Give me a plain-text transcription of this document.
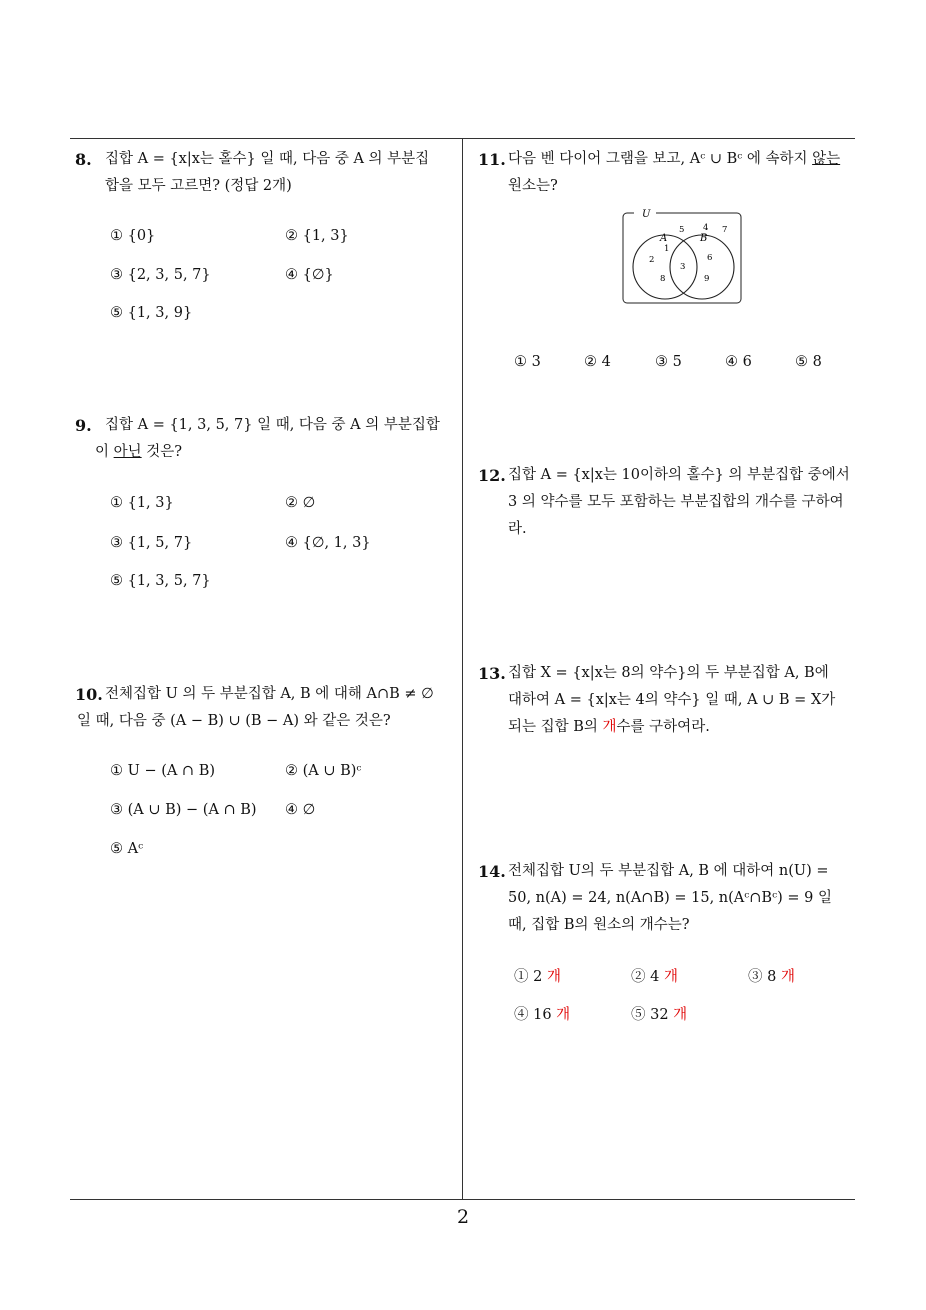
8. 집합 A = {x|x는 홀수} 일 때, 다음 중 A 의 부분집
합을 모두 고르면? (정답 2개)
① {0}	② {1, 3}
③ {2, 3, 5, 7}	④ {∅}
⑤ {1, 3, 9}
9. 집합 A = {1, 3, 5, 7} 일 때, 다음 중 A 의 부분집합
이 아닌 것은?
① {1, 3}	② ∅
③ {1, 5, 7}	④ {∅, 1, 3}
⑤ {1, 3, 5, 7}
10. 전체집합 U 의 두 부분집합 A, B 에 대해 A∩B ≠ ∅
일 때, 다음 중 (A − B) ∪ (B − A) 와 같은 것은?
① U − (A ∩ B)	② (A ∪ B)ᶜ
③ (A ∪ B) − (A ∩ B) ④ ∅
⑤ Aᶜ
11. 다음 벤 다이어 그램을 보고, Aᶜ ∪ Bᶜ 에 속하지 않는
원소는?
U
A	B
5 4 7
1
2
8
3
6
9
① 3	② 4	③ 5	④ 6	⑤ 8
12. 집합 A = {x|x는 10이하의 홀수} 의 부분집합 중에서
3 의 약수를 모두 포함하는 부분집합의 개수를 구하여
라.
13. 집합 X = {x|x는 8의 약수}의 두 부분집합 A, B에
대하여 A = {x|x는 4의 약수} 일 때, A ∪ B = X가
되는 집합 B의 개수를 구하여라.
14. 전체집합 U의 두 부분집합 A, B 에 대하여 n(U) =
50, n(A) = 24, n(A∩B) = 15, n(Aᶜ∩Bᶜ) = 9 일
때, 집합 B의 원소의 개수는?
① 2 개	② 4 개	③ 8 개
④ 16 개	⑤ 32 개
2
